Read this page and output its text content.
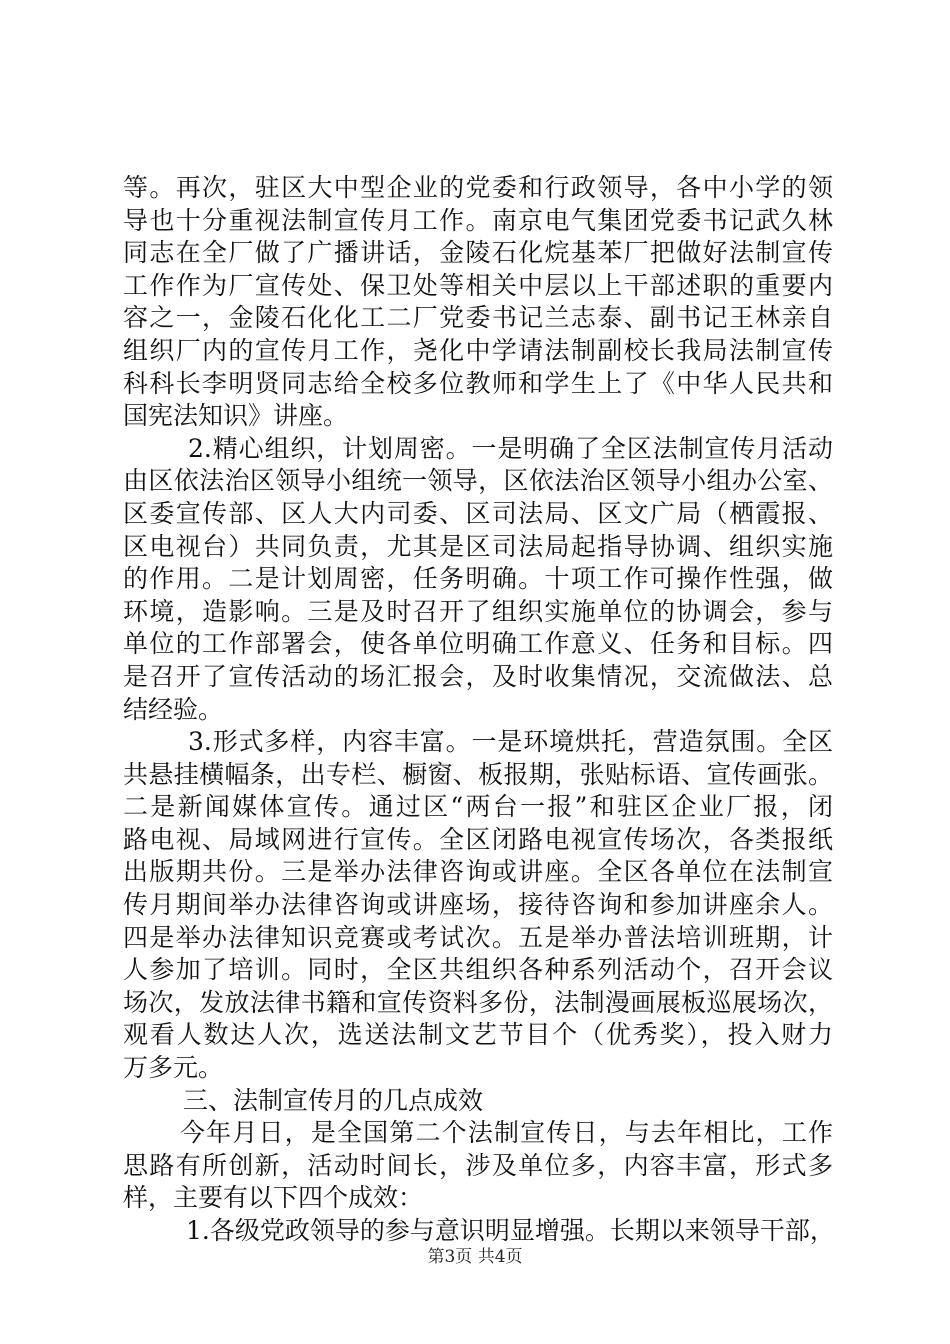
等。再次，驻区大中型企业的党委和行政领导，各中小学的领
导也十分重视法制宣传月工作。南京电气集团党委书记武久林
同志在全厂做了广播讲话，金陵石化烷基苯厂把做好法制宣传
工作作为厂宣传处、保卫处等相关中层以上干部述职的重要内
容之一，金陵石化化工二厂党委书记兰志泰、副书记王林亲自
组织厂内的宣传月工作，尧化中学请法制副校长我局法制宣传
科科长李明贤同志给全校多位教师和学生上了《中华人民共和
国宪法知识》讲座。
2.精心组织，计划周密。一是明确了全区法制宣传月活动
由区依法治区领导小组统一领导，区依法治区领导小组办公室、
区委宣传部、区人大内司委、区司法局、区文广局（栖霞报、
区电视台）共同负责，尤其是区司法局起指导协调、组织实施
的作用。二是计划周密，任务明确。十项工作可操作性强，做
环境，造影响。三是及时召开了组织实施单位的协调会，参与
单位的工作部署会，使各单位明确工作意义、任务和目标。四
是召开了宣传活动的场汇报会，及时收集情况，交流做法、总
结经验。
3.形式多样，内容丰富。一是环境烘托，营造氛围。全区
共悬挂横幅条，出专栏、橱窗、板报期，张贴标语、宣传画张。
二是新闻媒体宣传。通过区“两台一报”和驻区企业厂报，闭
路电视、局域网进行宣传。全区闭路电视宣传场次，各类报纸
出版期共份。三是举办法律咨询或讲座。全区各单位在法制宣
传月期间举办法律咨询或讲座场，接待咨询和参加讲座余人。
四是举办法律知识竞赛或考试次。五是举办普法培训班期，计
人参加了培训。同时，全区共组织各种系列活动个，召开会议
场次，发放法律书籍和宣传资料多份，法制漫画展板巡展场次，
观看人数达人次，选送法制文艺节目个（优秀奖），投入财力
万多元。
三、法制宣传月的几点成效
今年月日，是全国第二个法制宣传日，与去年相比，工作
思路有所创新，活动时间长，涉及单位多，内容丰富，形式多
样，主要有以下四个成效：
1.各级党政领导的参与意识明显增强。长期以来领导干部，
第3页 共4页
